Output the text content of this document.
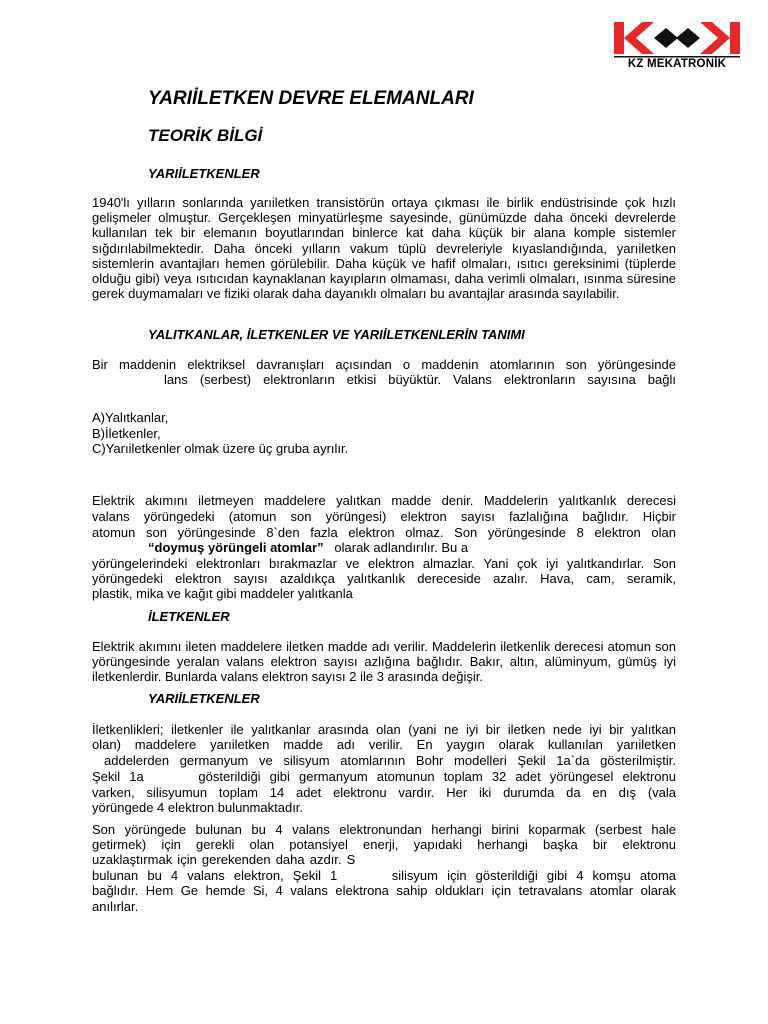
KZ MEKATRONİK
YARIİLETKEN DEVRE ELEMANLARI
TEORİK BİLGİ
YARIİLETKENLER

1940'lı yılların sonlarında yarıiletken transistörün ortaya çıkması ile birlik endüstrisinde çok hızlı gelişmeler olmuştur. Gerçekleşen minyatürleşme sayesinde, günümüzde daha önceki devrelerde kullanılan tek bir elemanın boyutlarından binlerce kat daha küçük bir alana komple sistemler sığdırılabilmektedir. Daha önceki yılların vakum tüplü devreleriyle kıyaslandığında, yarıiletken sistemlerin avantajları hemen görülebilir. Daha küçük ve hafif olmaları, ısıtıcı gereksinimi (tüplerde olduğu gibi) veya ısıtıcıdan kaynaklanan kayıpların olmaması, daha verimli olmaları, ısınma süresine gerek duymamaları ve fiziki olarak daha dayanıklı olmaları bu avantajlar arasında sayılabilir.

YALITKANLAR, İLETKENLER VE YARIİLETKENLERİN TANIMI
Bir maddenin elektriksel davranışları açısından o maddenin atomlarının son yörüngesinde
lans (serbest) elektronların etkisi büyüktür. Valans elektronların sayısına bağlı
A)Yalıtkanlar,
B)İletkenler,
C)Yarıiletkenler olmak üzere üç gruba ayrılır.
Elektrik akımını iletmeyen maddelere yalıtkan madde denir. Maddelerin yalıtkanlık derecesi
valans yörüngedeki (atomun son yörüngesi) elektron sayısı fazlalığına bağlıdır. Hiçbir
atomun son yörüngesinde 8`den fazla elektron olmaz. Son yörüngesinde 8 elektron olan
“doymuş yörüngeli atomlar” olarak adlandırılır. Bu a
yörüngelerindeki elektronları bırakmazlar ve elektron almazlar. Yani çok iyi yalıtkandırlar. Son
yörüngedeki elektron sayısı azaldıkça yalıtkanlık dereceside azalır. Hava, cam, seramik,
plastik, mika ve kağıt gibi maddeler yalıtkanla
İLETKENLER

Elektrik akımını ileten maddelere iletken madde adı verilir. Maddelerin iletkenlik derecesi atomun son yörüngesinde yeralan valans elektron sayısı azlığına bağlıdır. Bakır, altın, alüminyum, gümüş iyi iletkenlerdir. Bunlarda valans elektron sayısı 2 ile 3 arasında değişir.

YARIİLETKENLER
İletkenlikleri; iletkenler ile yalıtkanlar arasında olan (yani ne iyi bir iletken nede iyi bir yalıtkan
olan) maddelere yarıiletken madde adı verilir. En yaygın olarak kullanılan yarıiletken
addelerden germanyum ve silisyum atomlarının Bohr modelleri Şekil 1a`da gösterilmiştir.
Şekil 1a      gösterildiği gibi germanyum atomunun toplam 32 adet yörüngesel elektronu
varken, silisyumun toplam 14 adet elektronu vardır. Her iki durumda da en dış (vala
yörüngede 4 elektron bulunmaktadır.
Son yörüngede bulunan bu 4 valans elektronundan herhangi birini koparmak (serbest hale
getirmek) için gerekli olan potansiyel enerji, yapıdaki herhangi başka bir elektronu
uzaklaştırmak için gerekenden daha azdır. S
bulunan bu 4 valans elektron, Şekil 1      silisyum için gösterildiği gibi 4 komşu atoma
bağlıdır. Hem Ge hemde Si, 4 valans elektrona sahip oldukları için tetravalans atomlar olarak
anılırlar.
